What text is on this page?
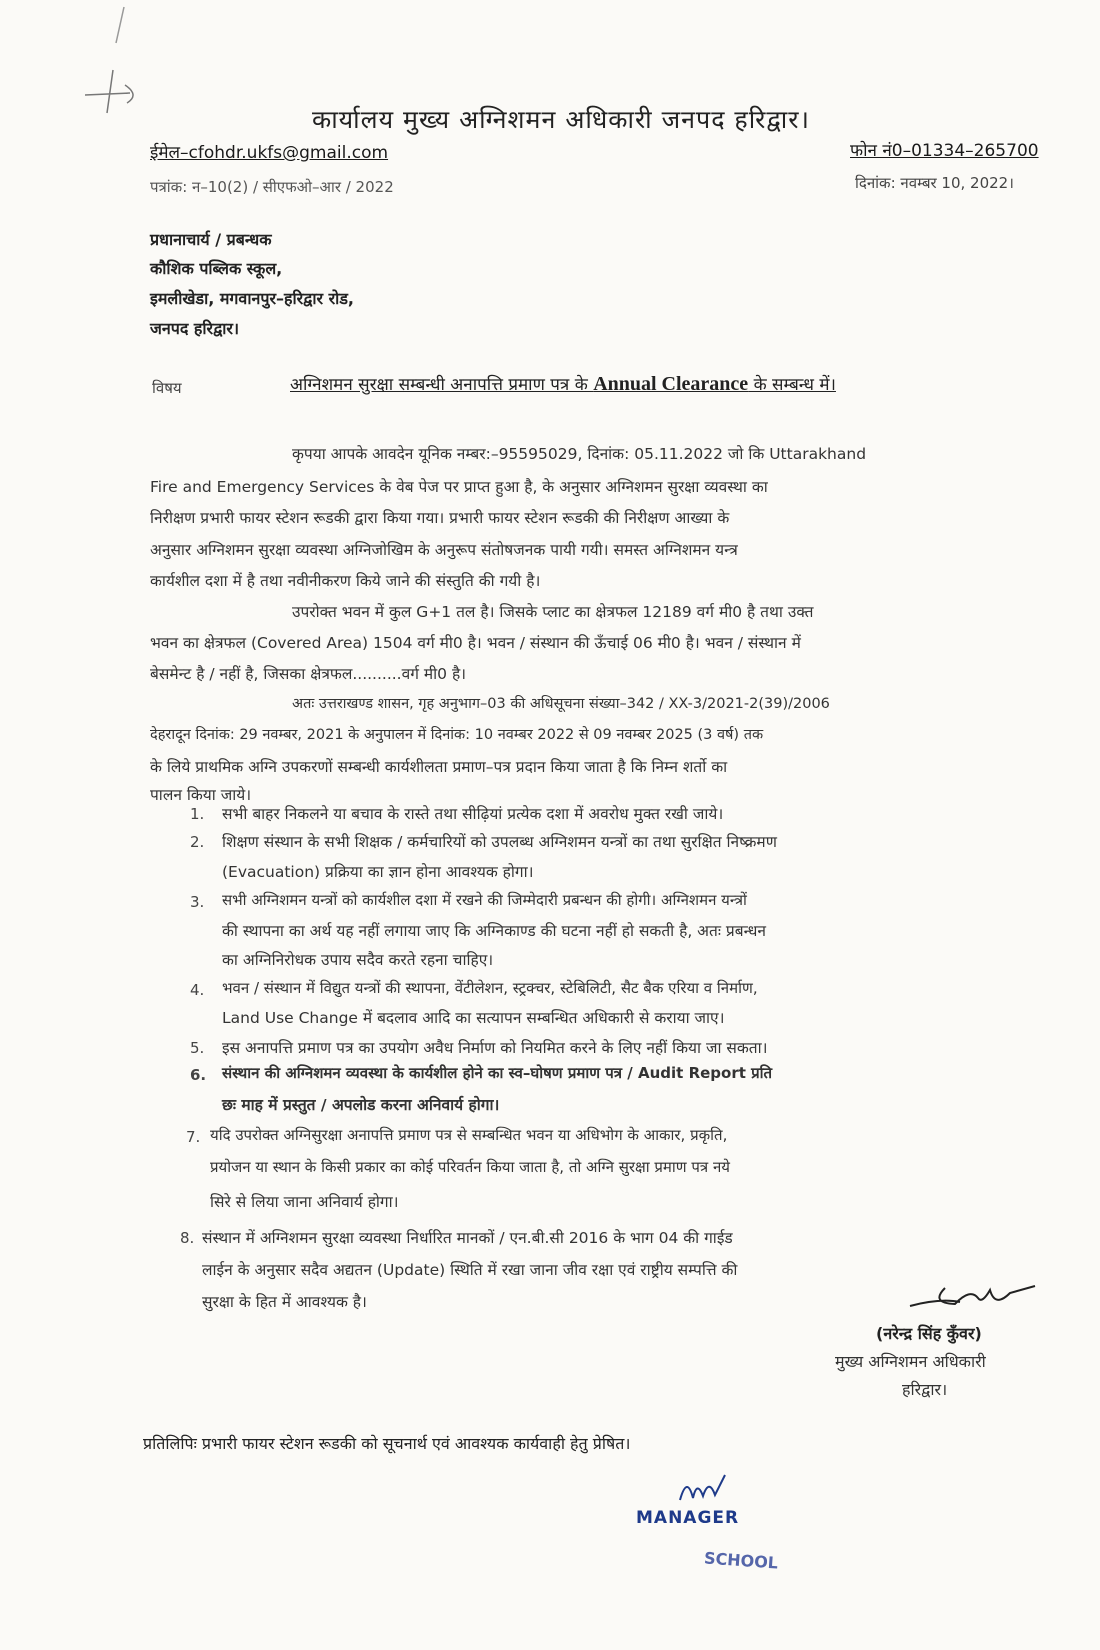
कार्यालय मुख्य अग्निशमन अधिकारी जनपद हरिद्वार।
ईमेल–cfohdr.ukfs@gmail.com	फोन नं0–01334–265700
पत्रांक: न–10(2) / सीएफओ–आर / 2022	दिनांक: नवम्बर 10, 2022।
प्रधानाचार्य / प्रबन्धक
कौशिक पब्लिक स्कूल,
इमलीखेडा, मगवानपुर–हरिद्वार रोड,
जनपद हरिद्वार।
विषय	अग्निशमन सुरक्षा सम्बन्धी अनापत्ति प्रमाण पत्र के Annual Clearance के सम्बन्ध में।
कृपया आपके आवदेन यूनिक नम्बर:–95595029, दिनांक: 05.11.2022 जो कि Uttarakhand
Fire and Emergency Services के वेब पेज पर प्राप्त हुआ है, के अनुसार अग्निशमन सुरक्षा व्यवस्था का
निरीक्षण प्रभारी फायर स्टेशन रूडकी द्वारा किया गया। प्रभारी फायर स्टेशन रूडकी की निरीक्षण आख्या के
अनुसार अग्निशमन सुरक्षा व्यवस्था अग्निजोखिम के अनुरूप संतोषजनक पायी गयी। समस्त अग्निशमन यन्त्र
कार्यशील दशा में है तथा नवीनीकरण किये जाने की संस्तुति की गयी है।
उपरोक्त भवन में कुल G+1 तल है। जिसके प्लाट का क्षेत्रफल 12189 वर्ग मी0 है तथा उक्त
भवन का क्षेत्रफल (Covered Area) 1504 वर्ग मी0 है। भवन / संस्थान की ऊँचाई 06 मी0 है। भवन / संस्थान में
बेसमेन्ट है / नहीं है, जिसका क्षेत्रफल..........वर्ग मी0 है।
अतः उत्तराखण्ड शासन, गृह अनुभाग–03 की अधिसूचना संख्या–342 / XX-3/2021-2(39)/2006
देहरादून दिनांक: 29 नवम्बर, 2021 के अनुपालन में दिनांक: 10 नवम्बर 2022 से 09 नवम्बर 2025 (3 वर्ष) तक
के लिये प्राथमिक अग्नि उपकरणों सम्बन्धी कार्यशीलता प्रमाण–पत्र प्रदान किया जाता है कि निम्न शर्तो का
पालन किया जाये।
1. सभी बाहर निकलने या बचाव के रास्ते तथा सीढ़ियां प्रत्येक दशा में अवरोध मुक्त रखी जाये।
2. शिक्षण संस्थान के सभी शिक्षक / कर्मचारियों को उपलब्ध अग्निशमन यन्त्रों का तथा सुरक्षित निष्क्रमण
(Evacuation) प्रक्रिया का ज्ञान होना आवश्यक होगा।
3. सभी अग्निशमन यन्त्रों को कार्यशील दशा में रखने की जिम्मेदारी प्रबन्धन की होगी। अग्निशमन यन्त्रों
की स्थापना का अर्थ यह नहीं लगाया जाए कि अग्निकाण्ड की घटना नहीं हो सकती है, अतः प्रबन्धन
का अग्निनिरोधक उपाय सदैव करते रहना चाहिए।
4. भवन / संस्थान में विद्युत यन्त्रों की स्थापना, वेंटीलेशन, स्ट्रक्चर, स्टेबिलिटी, सैट बैक एरिया व निर्माण,
Land Use Change में बदलाव आदि का सत्यापन सम्बन्धित अधिकारी से कराया जाए।
5. इस अनापत्ति प्रमाण पत्र का उपयोग अवैध निर्माण को नियमित करने के लिए नहीं किया जा सकता।
6. संस्थान की अग्निशमन व्यवस्था के कार्यशील होने का स्व–घोषण प्रमाण पत्र / Audit Report प्रति
छः माह में प्रस्तुत / अपलोड करना अनिवार्य होगा।
7. यदि उपरोक्त अग्निसुरक्षा अनापत्ति प्रमाण पत्र से सम्बन्धित भवन या अधिभोग के आकार, प्रकृति,
प्रयोजन या स्थान के किसी प्रकार का कोई परिवर्तन किया जाता है, तो अग्नि सुरक्षा प्रमाण पत्र नये
सिरे से लिया जाना अनिवार्य होगा।
8. संस्थान में अग्निशमन सुरक्षा व्यवस्था निर्धारित मानकों / एन.बी.सी 2016 के भाग 04 की गाईड
लाईन के अनुसार सदैव अद्यतन (Update) स्थिति में रखा जाना जीव रक्षा एवं राष्ट्रीय सम्पत्ति की
सुरक्षा के हित में आवश्यक है।
(नरेन्द्र सिंह कुँवर)
मुख्य अग्निशमन अधिकारी
हरिद्वार।
प्रतिलिपिः प्रभारी फायर स्टेशन रूडकी को सूचनार्थ एवं आवश्यक कार्यवाही हेतु प्रेषित।
MANAGER
SCHOOL
